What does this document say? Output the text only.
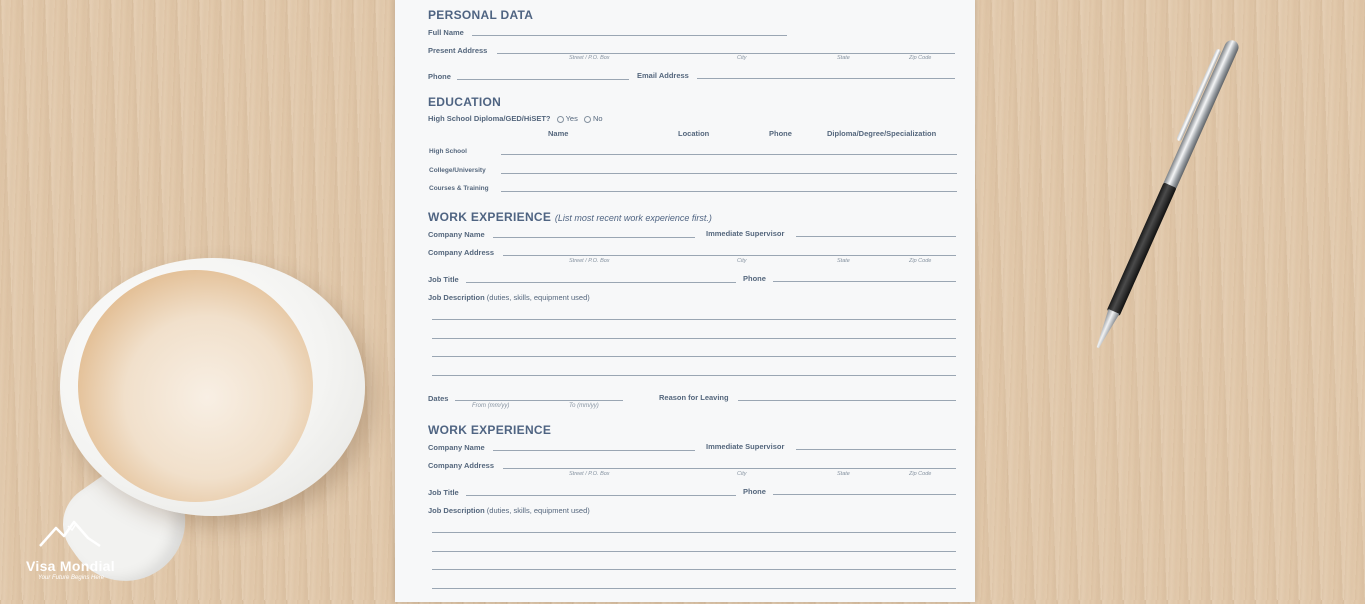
PERSONAL DATA
Full Name
Present Address
Street / P.O. Box	City	State	Zip Code
Phone	Email Address
EDUCATION
High School Diploma/GED/HiSET? Yes No
Name	Location	Phone	Diploma/Degree/Specialization
High School
College/University
Courses & Training
WORK EXPERIENCE (List most recent work experience first.)
Company Name	Immediate Supervisor
Company Address
Street / P.O. Box	City	State	Zip Code
Job Title	Phone
Job Description (duties, skills, equipment used)
Dates
From (mm/yy)	To (mm/yy)
Reason for Leaving
WORK EXPERIENCE
Company Name	Immediate Supervisor
Company Address
Street / P.O. Box	City	State	Zip Code
Job Title	Phone
Job Description (duties, skills, equipment used)
Visa Mondial
Your Future Begins Here
